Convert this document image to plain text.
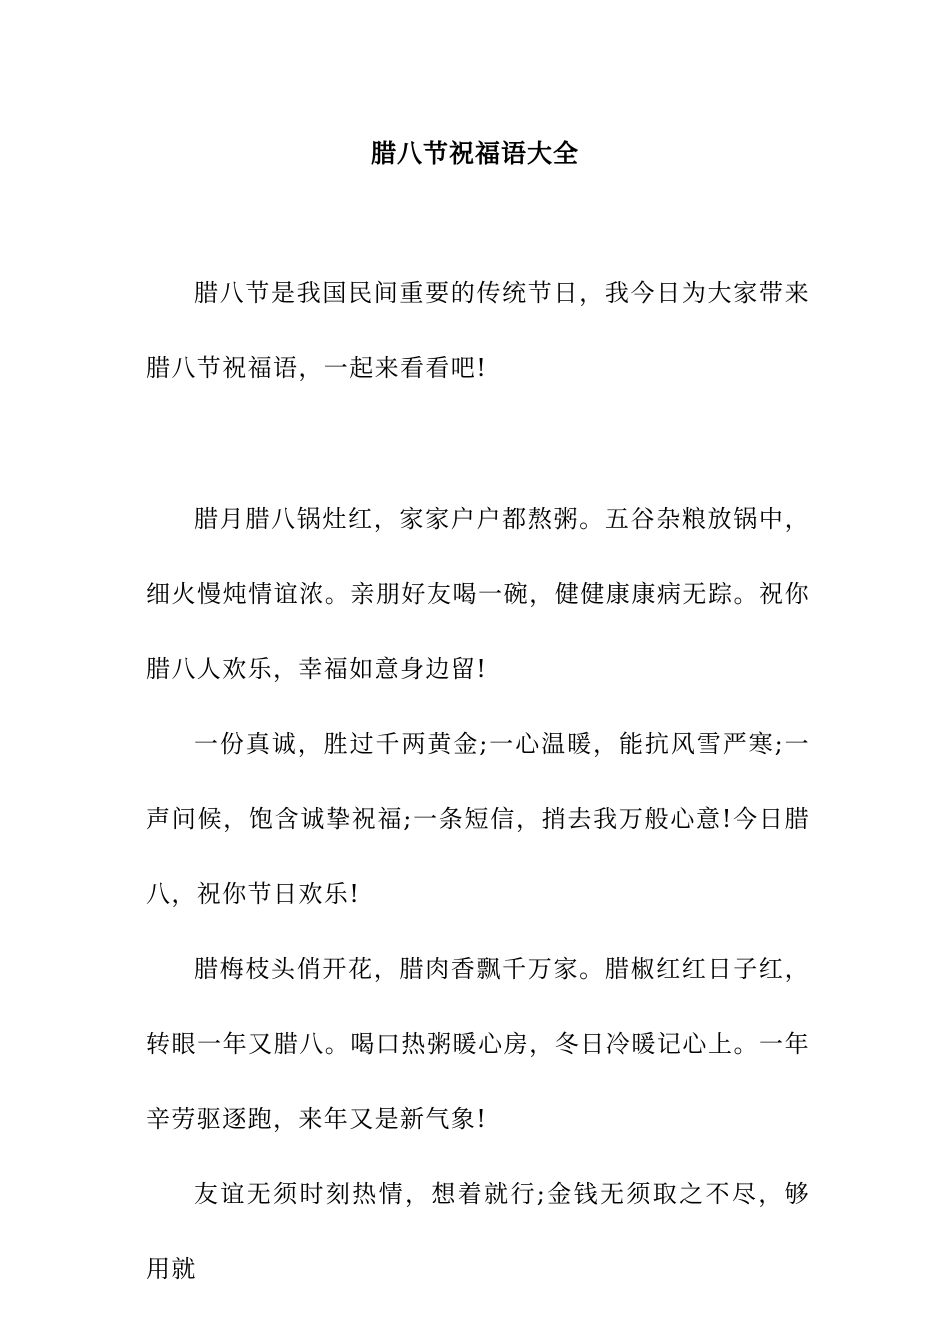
腊八节祝福语大全

腊八节是我国民间重要的传统节日，我今日为大家带来腊八节祝福语，一起来看看吧!

腊月腊八锅灶红，家家户户都熬粥。五谷杂粮放锅中，细火慢炖情谊浓。亲朋好友喝一碗，健健康康病无踪。祝你腊八人欢乐，幸福如意身边留!

一份真诚，胜过千两黄金;一心温暖，能抗风雪严寒;一声问候，饱含诚挚祝福;一条短信，捎去我万般心意!今日腊八，祝你节日欢乐!

腊梅枝头俏开花，腊肉香飘千万家。腊椒红红日子红，转眼一年又腊八。喝口热粥暖心房，冬日冷暖记心上。一年辛劳驱逐跑，来年又是新气象!

友谊无须时刻热情，想着就行;金钱无须取之不尽，够用就
